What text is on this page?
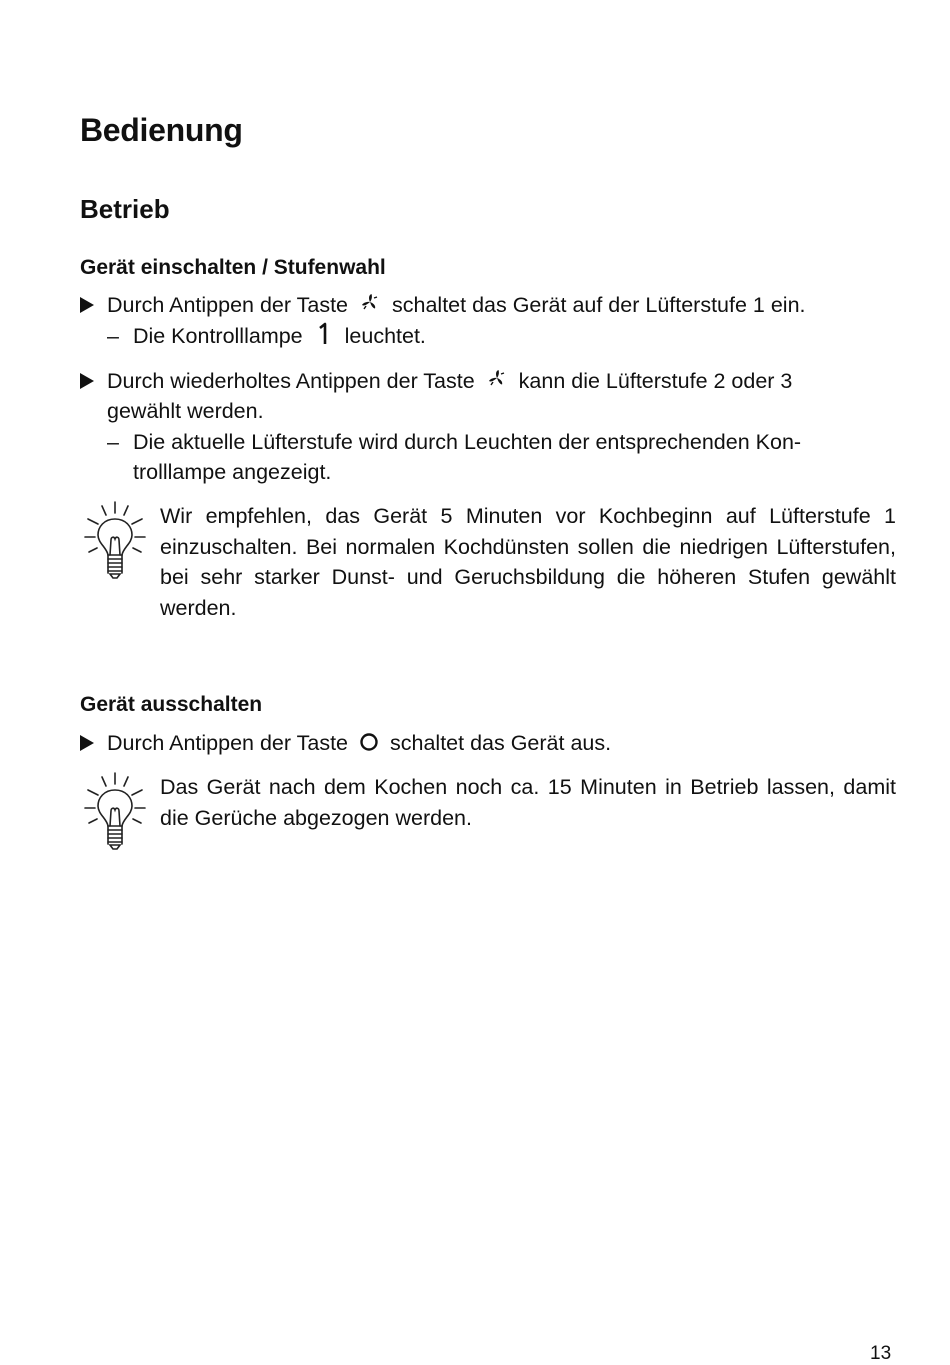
Bedienung
Betrieb
Gerät einschalten / Stufenwahl
Durch Antippen der Taste schaltet das Gerät auf der Lüfterstufe 1 ein.
– Die Kontrolllampe leuchtet.
Durch wiederholtes Antippen der Taste kann die Lüfterstufe 2 oder 3
gewählt werden.
– Die aktuelle Lüfterstufe wird durch Leuchten der entsprechenden Kon-
trolllampe angezeigt.
Wir empfehlen, das Gerät 5 Minuten vor Kochbeginn auf Lüfterstufe 1 einzuschalten. Bei normalen Kochdünsten sollen die niedrigen Lüfterstufen, bei sehr starker Dunst- und Geruchsbildung die höheren Stufen gewählt werden.
Gerät ausschalten
Durch Antippen der Taste schaltet das Gerät aus.
Das Gerät nach dem Kochen noch ca. 15 Minuten in Betrieb lassen, damit die Gerüche abgezogen werden.
13
